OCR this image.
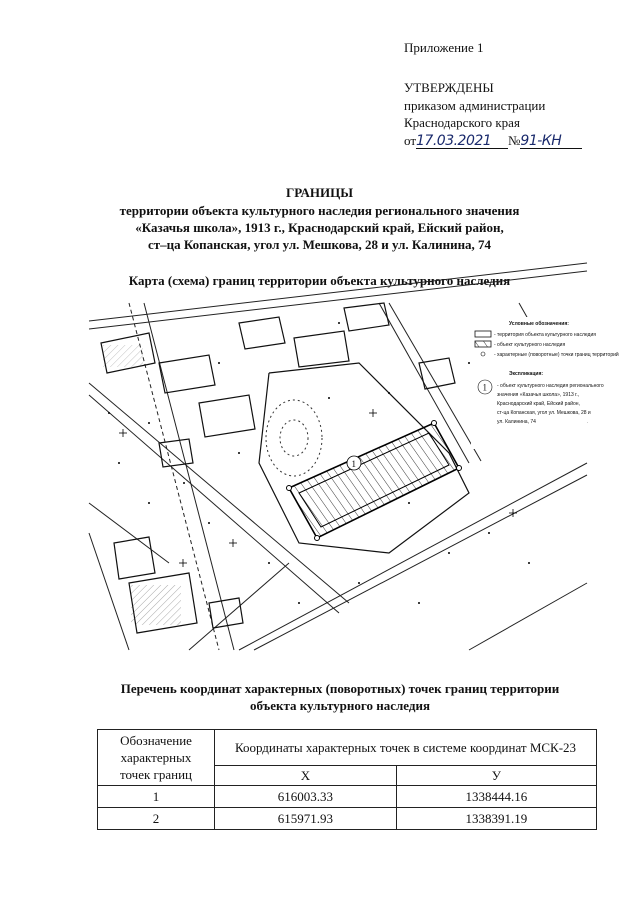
Приложение 1
УТВЕРЖДЕНЫ
приказом администрации
Краснодарского края
от17.03.2021 №91-КН
ГРАНИЦЫ
территории объекта культурного наследия регионального значения
«Казачья школа», 1913 г., Краснодарский край, Ейский район,
ст–ца Копанская, угол ул. Мешкова, 28 и ул. Калинина, 74
Карта (схема) границ территории объекта культурного наследия
1
Условные обозначения:
- территория объекта культурного наследия
- объект культурного наследия
- характерные (поворотные) точки границ территорий
Экспликация:
1 - объект культурного наследия регионального
значения «Казачья школа», 1913 г.,
Краснодарский край, Ейский район,
ст-ца Копанская, угол ул. Мешкова, 28 и
ул. Калинина, 74
Перечень координат характерных (поворотных) точек границ территории
объекта культурного наследия
Обозначение
характерных
точек границ	Координаты характерных точек в системе координат МСК-23	
	X	У
1	616003.33	1338444.16
2	615971.93	1338391.19
